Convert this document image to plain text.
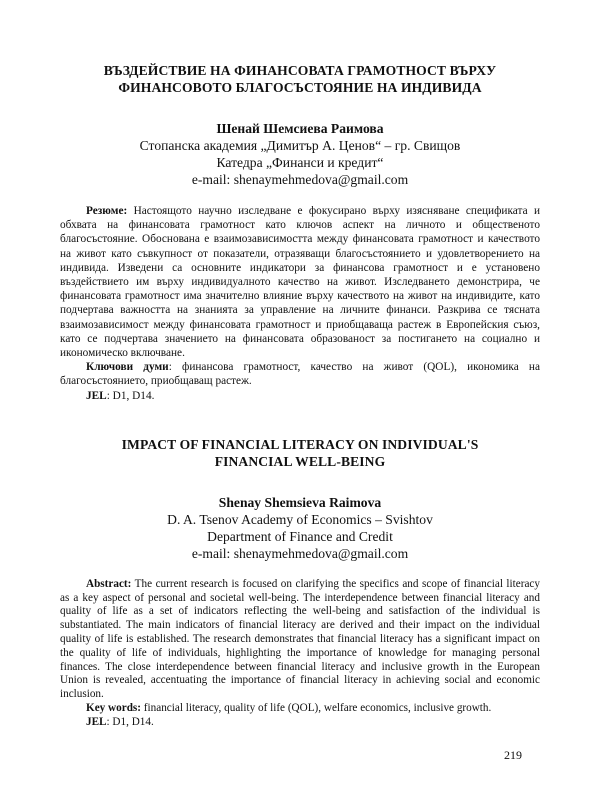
ВЪЗДЕЙСТВИЕ НА ФИНАНСОВАТА ГРАМОТНОСТ ВЪРХУ
ФИНАНСОВОТО БЛАГОСЪСТОЯНИЕ НА ИНДИВИДА
Шенай Шемсиева Раимова
Стопанска академия „Димитър А. Ценов“ – гр. Свищов
Катедра „Финанси и кредит“
e-mail: shenaymehmedova@gmail.com

Резюме: Настоящото научно изследване е фокусирано върху изясняване спецификата и обхвата на финансовата грамотност като ключов аспект на личното и общественото благосъстояние. Обоснована е взаимозависимостта между финансовата грамотност и качеството на живот като съвкупност от показатели, отразяващи благосъстоянието и удовлетворението на индивида. Изведени са основните индикатори за финансова грамотност и е установено въздействието им върху индивидуалното качество на живот. Изследването демонстрира, че финансовата грамотност има значително влияние върху качеството на живот на индивидите, като подчертава важността на знанията за управление на личните финанси. Разкрива се тясната взаимозависимост между финансовата грамотност и приобщаваща растеж в Европейския съюз, като се подчертава значението на финансовата образованост за постигането на социално и икономическо включване.

Ключови думи: финансова грамотност, качество на живот (QOL), икономика на благосъстоянието, приобщаващ растеж.

JEL: D1, D14.

IMPACT OF FINANCIAL LITERACY ON INDIVIDUAL'S
FINANCIAL WELL-BEING
Shenay Shemsieva Raimova
D. A. Tsenov Academy of Economics – Svishtov
Department of Finance and Credit
e-mail: shenaymehmedova@gmail.com

Abstract: The current research is focused on clarifying the specifics and scope of financial literacy as a key aspect of personal and societal well-being. The interdependence between financial literacy and quality of life as a set of indicators reflecting the well-being and satisfaction of the individual is substantiated. The main indicators of financial literacy are derived and their impact on the individual quality of life is established. The research demonstrates that financial literacy has a significant impact on the quality of life of individuals, highlighting the importance of knowledge for managing personal finances. The close interdependence between financial literacy and inclusive growth in the European Union is revealed, accentuating the importance of financial literacy in achieving social and economic inclusion.

Key words: financial literacy, quality of life (QOL), welfare economics, inclusive growth.

JEL: D1, D14.

219
